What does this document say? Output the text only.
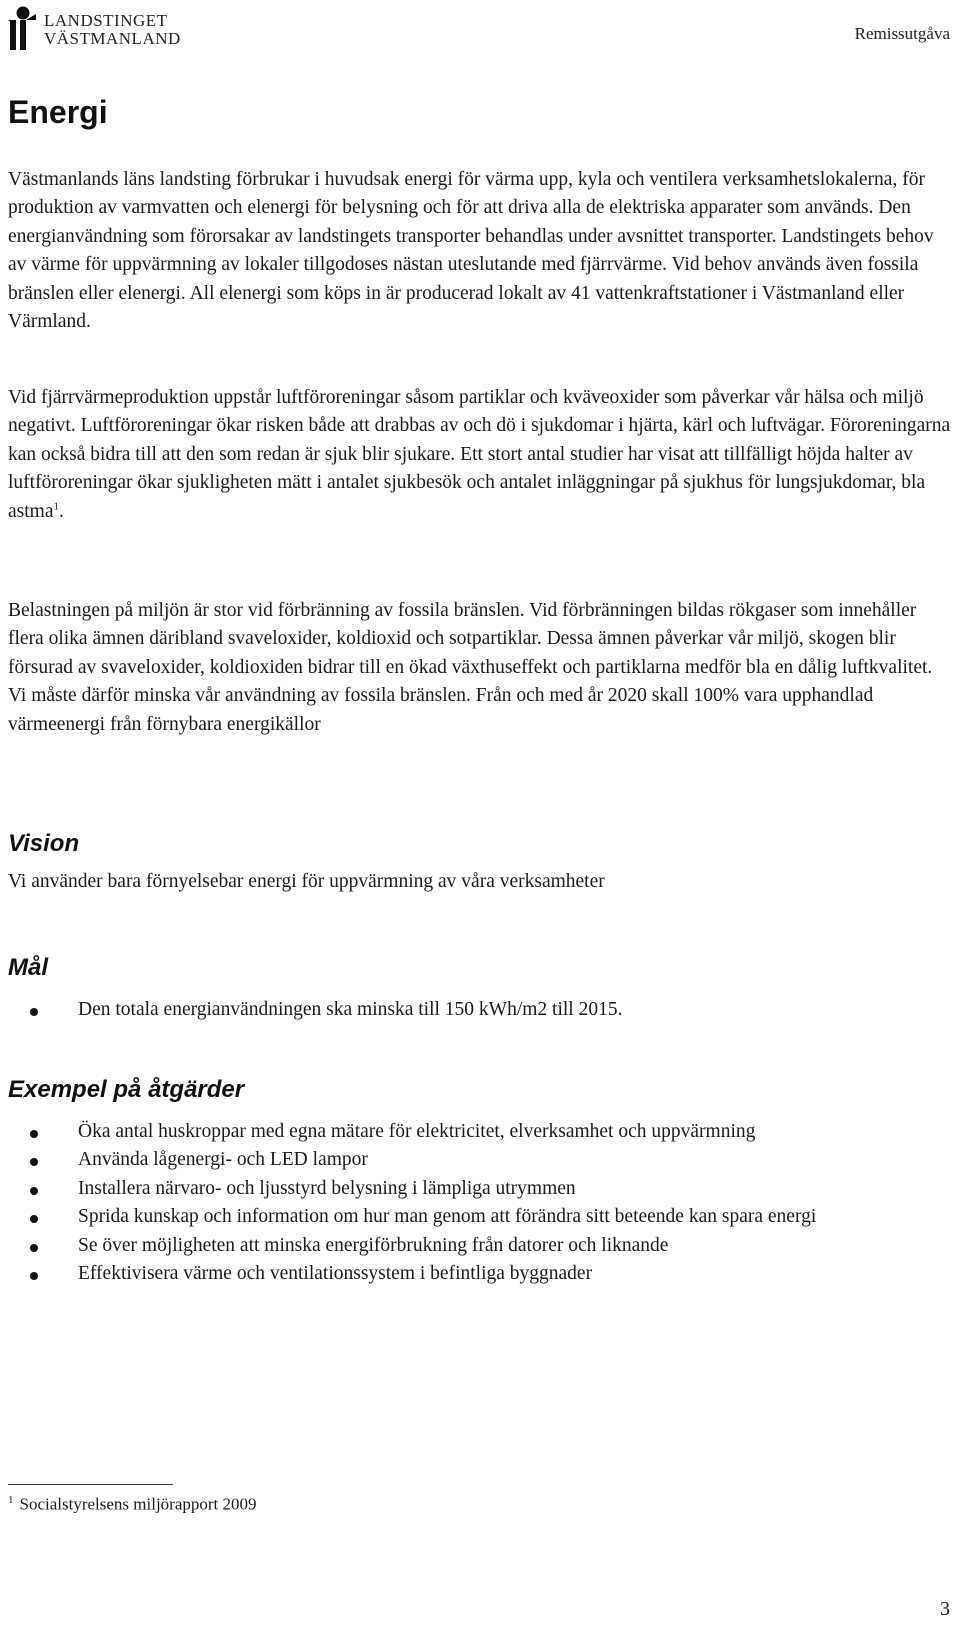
LANDSTINGET
VÄSTMANLAND	Remissutgåva
Energi

Västmanlands läns landsting förbrukar i huvudsak energi för värma upp, kyla och ventilera verksamhetslokalerna, för produktion av varmvatten och elenergi för belysning och för att driva alla de elektriska apparater som används. Den energianvändning som förorsakar av landstingets transporter behandlas under avsnittet transporter. Landstingets behov av värme för uppvärmning av lokaler tillgodoses nästan uteslutande med fjärrvärme. Vid behov används även fossila bränslen eller elenergi. All elenergi som köps in är producerad lokalt av 41 vattenkraftstationer i Västmanland eller Värmland.

Vid fjärrvärmeproduktion uppstår luftföroreningar såsom partiklar och kväveoxider som påverkar vår hälsa och miljö negativt. Luftföroreningar ökar risken både att drabbas av och dö i sjukdomar i hjärta, kärl och luftvägar. Föroreningarna kan också bidra till att den som redan är sjuk blir sjukare. Ett stort antal studier har visat att tillfälligt höjda halter av luftföroreningar ökar sjukligheten mätt i antalet sjukbesök och antalet inläggningar på sjukhus för lungsjukdomar, bla astma$^1$.

Belastningen på miljön är stor vid förbränning av fossila bränslen. Vid förbränningen bildas rökgaser som innehåller flera olika ämnen däribland svaveloxider, koldioxid och sotpartiklar. Dessa ämnen påverkar vår miljö, skogen blir försurad av svaveloxider, koldioxiden bidrar till en ökad växthuseffekt och partiklarna medför bla en dålig luftkvalitet. Vi måste därför minska vår användning av fossila bränslen. Från och med år 2020 skall 100% vara upphandlad värmeenergi från förnybara energikällor

Vision

Vi använder bara förnyelsebar energi för uppvärmning av våra verksamheter

Mål
Den totala energianvändningen ska minska till 150 kWh/m2 till 2015.
Exempel på åtgärder
Öka antal huskroppar med egna mätare för elektricitet, elverksamhet och uppvärmning
Använda lågenergi- och LED lampor
Installera närvaro- och ljusstyrd belysning i lämpliga utrymmen
Sprida kunskap och information om hur man genom att förändra sitt beteende kan spara energi
Se över möjligheten att minska energiförbrukning från datorer och liknande
Effektivisera värme och ventilationssystem i befintliga byggnader
$^1$ Socialstyrelsens miljörapport 2009
3
